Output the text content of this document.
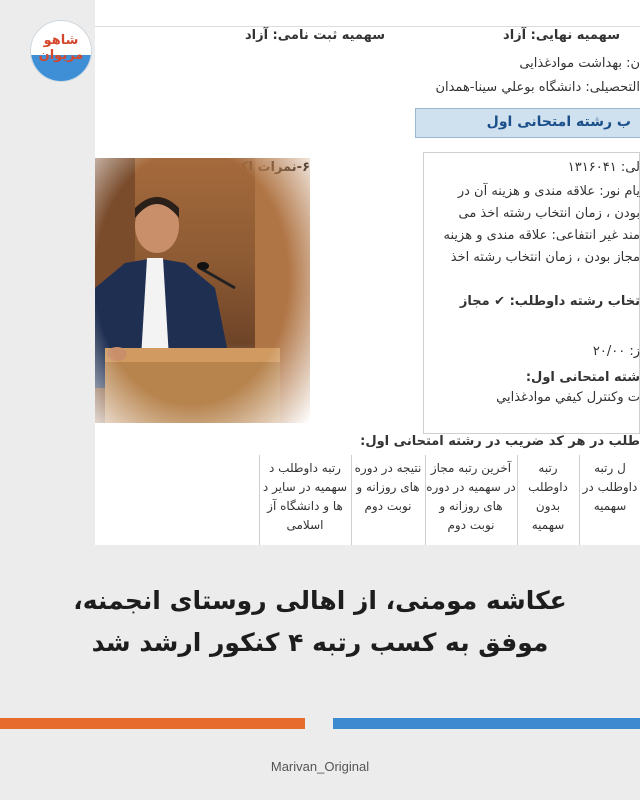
سهمیه نهایی: آزاد
سهمیه ثبت نامی: آزاد
ن: بهداشت موادغذایی
التحصیلی: دانشگاه بوعلي سينا-همدان
ب رشته امتحانی اول
لی: ۱۳۱۶۰۴۱
یام نور: علاقه مندی و هزینه آن در
بودن ، زمان انتخاب رشته اخذ می
مند غیر انتفاعی: علاقه مندی و هزینه
مجاز بودن ، زمان انتخاب رشته اخذ
تخاب رشته داوطلب: ✔ مجاز
ز: ۲۰/۰۰
شته امتحانی اول:
ت وکنترل کیفي موادغذایي
طلب در هر کد ضریب در رشته امتحانی اول:
ل رتبه داوطلب در سهمیه
رتبه داوطلب بدون سهمیه
آخرین رتبه مجاز در سهمیه در دوره های روزانه و نوبت دوم
نتیجه در دوره های روزانه و نوبت دوم
رتبه داوطلب د سهمیه در سایر د ها و دانشگاه آز اسلامی
شاهو مریوان
عکاشه مومنی، از اهالی روستای انجمنه،
موفق به کسب رتبه ۴ کنکور ارشد شد
Marivan_Original
